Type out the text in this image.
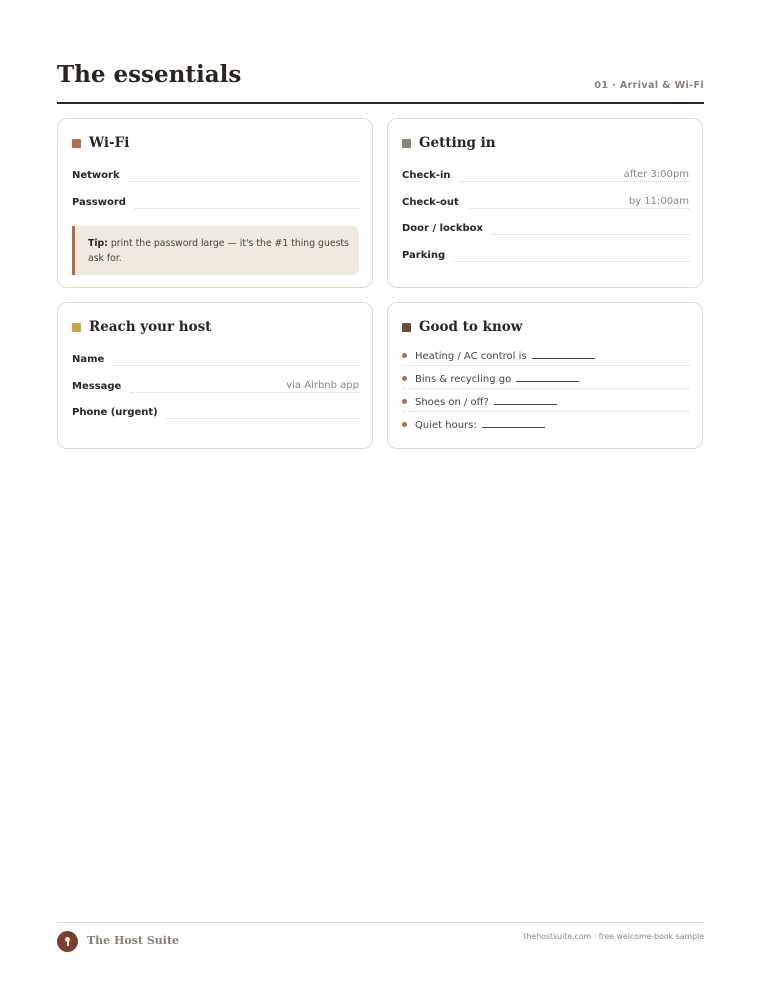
The essentials	01 · Arrival & Wi-Fi
Wi-Fi
Network
Password
Tip: print the password large — it's the #1 thing guests ask for.
Getting in
Check-in	after 3:00pm
Check-out	by 11:00am
Door / lockbox
Parking
Reach your host
Name
Message	via Airbnb app
Phone (urgent)
Good to know
Heating / AC control is
Bins & recycling go
Shoes on / off?
Quiet hours:
The Host Suite	thehostsuite.com · free welcome-book sample
